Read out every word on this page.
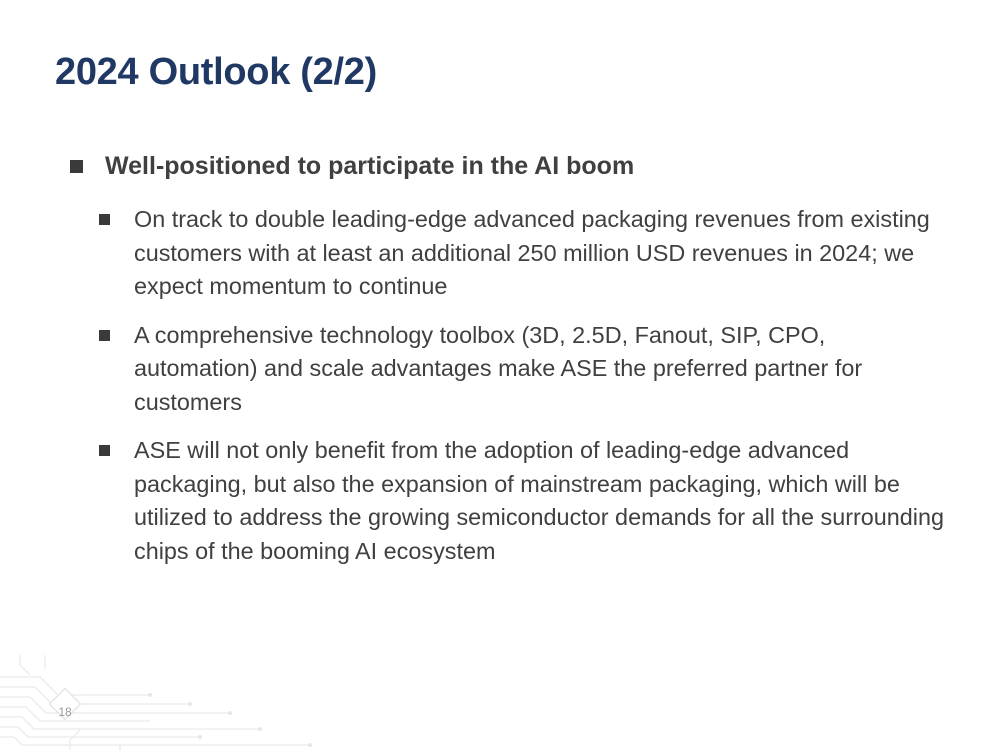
2024 Outlook (2/2)
Well-positioned to participate in the AI boom
On track to double leading-edge advanced packaging revenues from existing customers with at least an additional 250 million USD revenues in 2024; we expect momentum to continue
A comprehensive technology toolbox (3D, 2.5D, Fanout, SIP, CPO, automation) and scale advantages make ASE the preferred partner for customers
ASE will not only benefit from the adoption of leading-edge advanced packaging, but also the expansion of mainstream packaging, which will be utilized to address the growing semiconductor demands for all the surrounding chips of the booming AI ecosystem
18
